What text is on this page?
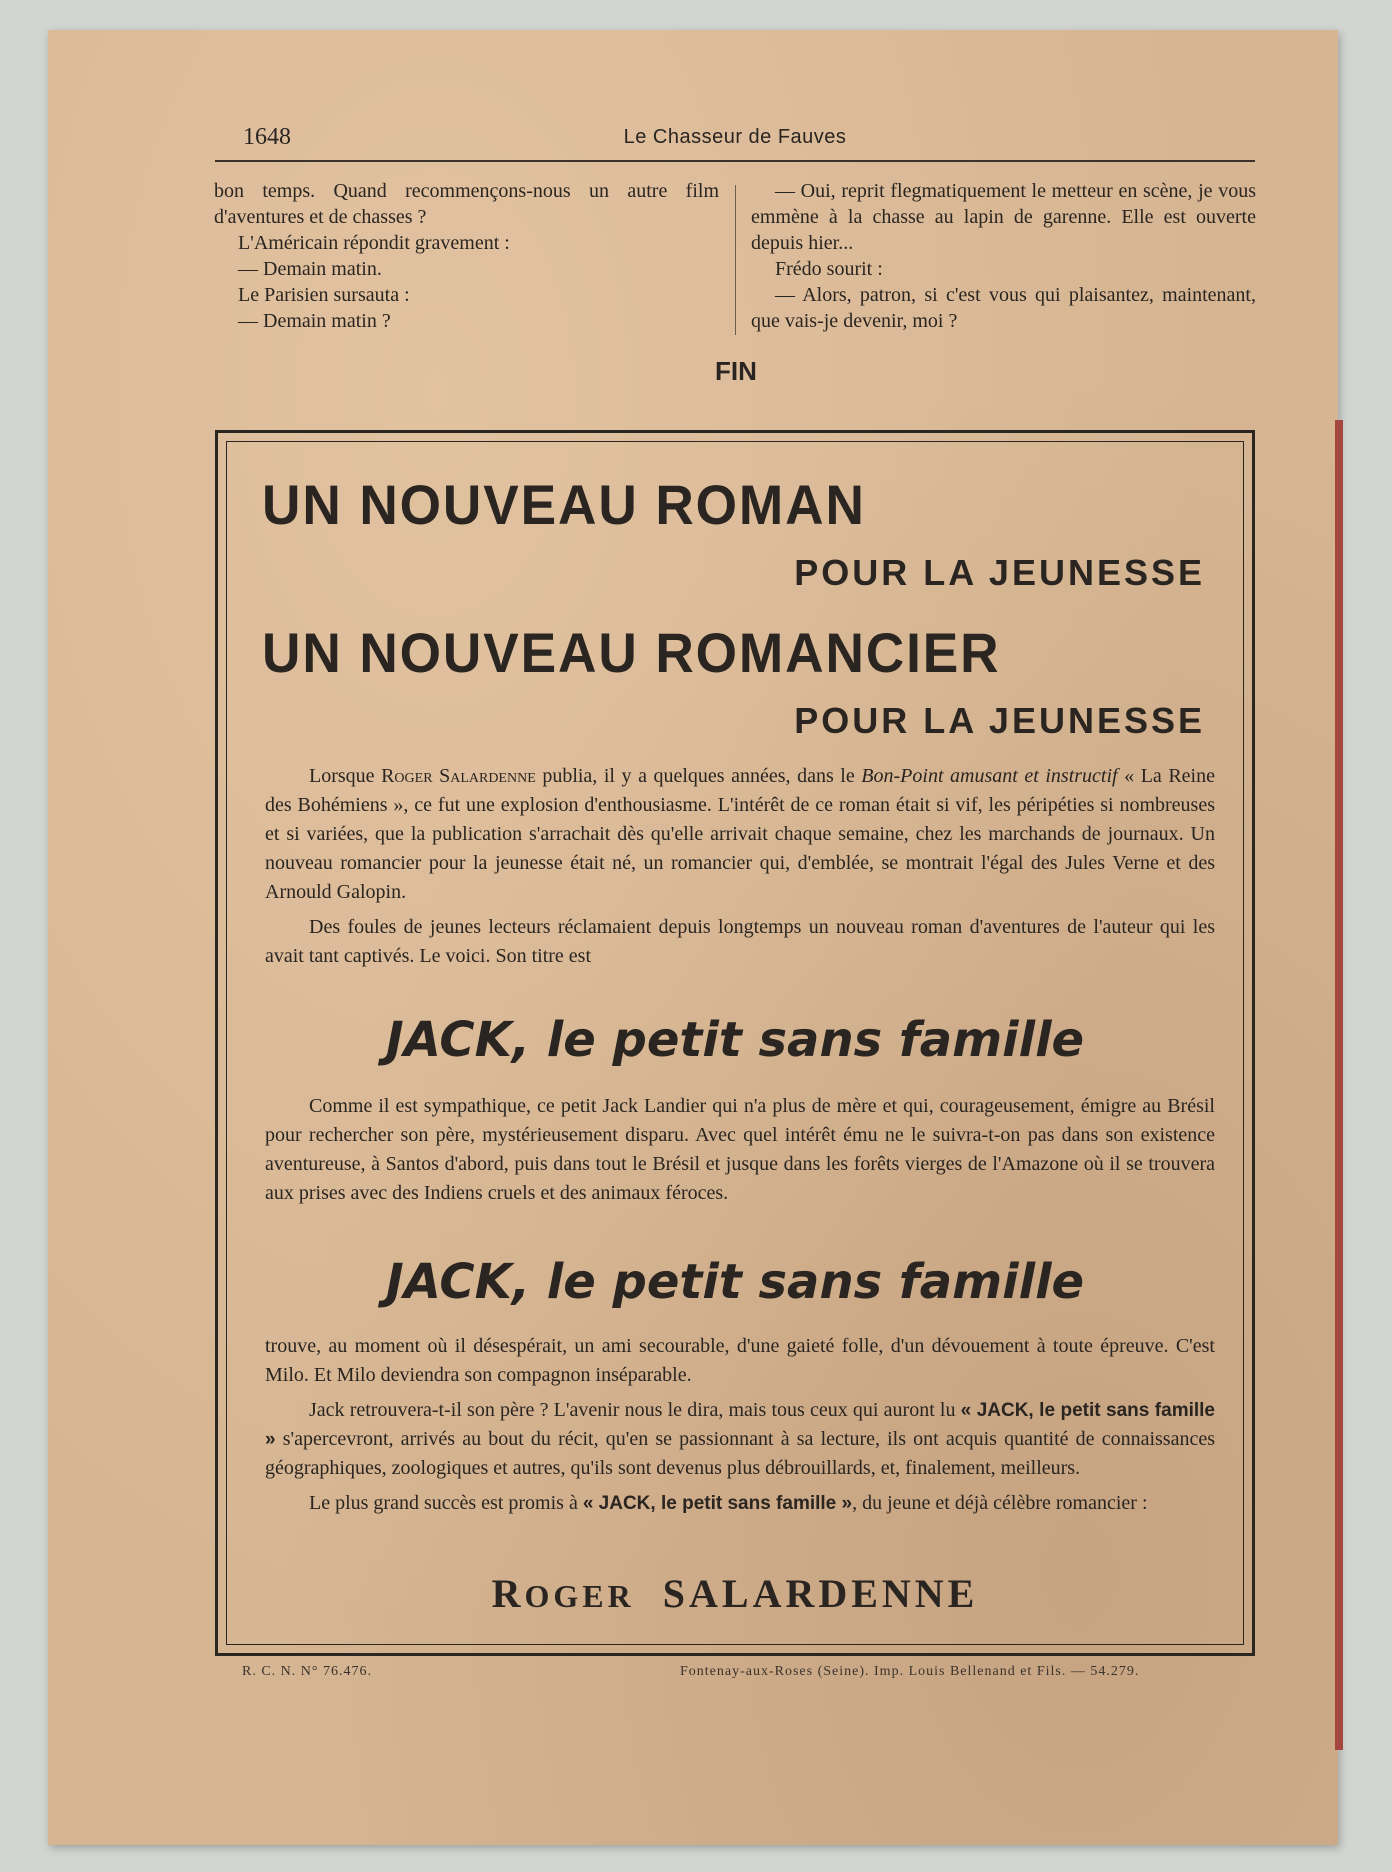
1648	Le Chasseur de Fauves

bon temps. Quand recommençons-nous un autre film d'aventures et de chasses ?

L'Américain répondit gravement :

— Demain matin.

Le Parisien sursauta :

— Demain matin ?

— Oui, reprit flegmatiquement le metteur en scène, je vous emmène à la chasse au lapin de garenne. Elle est ouverte depuis hier...

Frédo sourit :

— Alors, patron, si c'est vous qui plaisantez, maintenant, que vais-je devenir, moi ?

FIN
UN NOUVEAU ROMAN
POUR LA JEUNESSE
UN NOUVEAU ROMANCIER
POUR LA JEUNESSE

Lorsque Roger Salardenne publia, il y a quelques années, dans le Bon-Point amusant et instructif « La Reine des Bohémiens », ce fut une explosion d'enthousiasme. L'intérêt de ce roman était si vif, les péripéties si nombreuses et si variées, que la publication s'arrachait dès qu'elle arrivait chaque semaine, chez les marchands de journaux. Un nouveau romancier pour la jeunesse était né, un romancier qui, d'emblée, se montrait l'égal des Jules Verne et des Arnould Galopin.

Des foules de jeunes lecteurs réclamaient depuis longtemps un nouveau roman d'aventures de l'auteur qui les avait tant captivés. Le voici. Son titre est

JACK, le petit sans famille

Comme il est sympathique, ce petit Jack Landier qui n'a plus de mère et qui, courageusement, émigre au Brésil pour rechercher son père, mystérieusement disparu. Avec quel intérêt ému ne le suivra-t-on pas dans son existence aventureuse, à Santos d'abord, puis dans tout le Brésil et jusque dans les forêts vierges de l'Amazone où il se trouvera aux prises avec des Indiens cruels et des animaux féroces.

JACK, le petit sans famille

trouve, au moment où il désespérait, un ami secourable, d'une gaieté folle, d'un dévouement à toute épreuve. C'est Milo. Et Milo deviendra son compagnon inséparable.

Jack retrouvera-t-il son père ? L'avenir nous le dira, mais tous ceux qui auront lu « JACK, le petit sans famille » s'apercevront, arrivés au bout du récit, qu'en se passionnant à sa lecture, ils ont acquis quantité de connaissances géographiques, zoologiques et autres, qu'ils sont devenus plus débrouillards, et, finalement, meilleurs.

Le plus grand succès est promis à « JACK, le petit sans famille », du jeune et déjà célèbre romancier :

ROGER SALARDENNE
R. C. N. N° 76.476.	Fontenay-aux-Roses (Seine). Imp. Louis Bellenand et Fils. — 54.279.
